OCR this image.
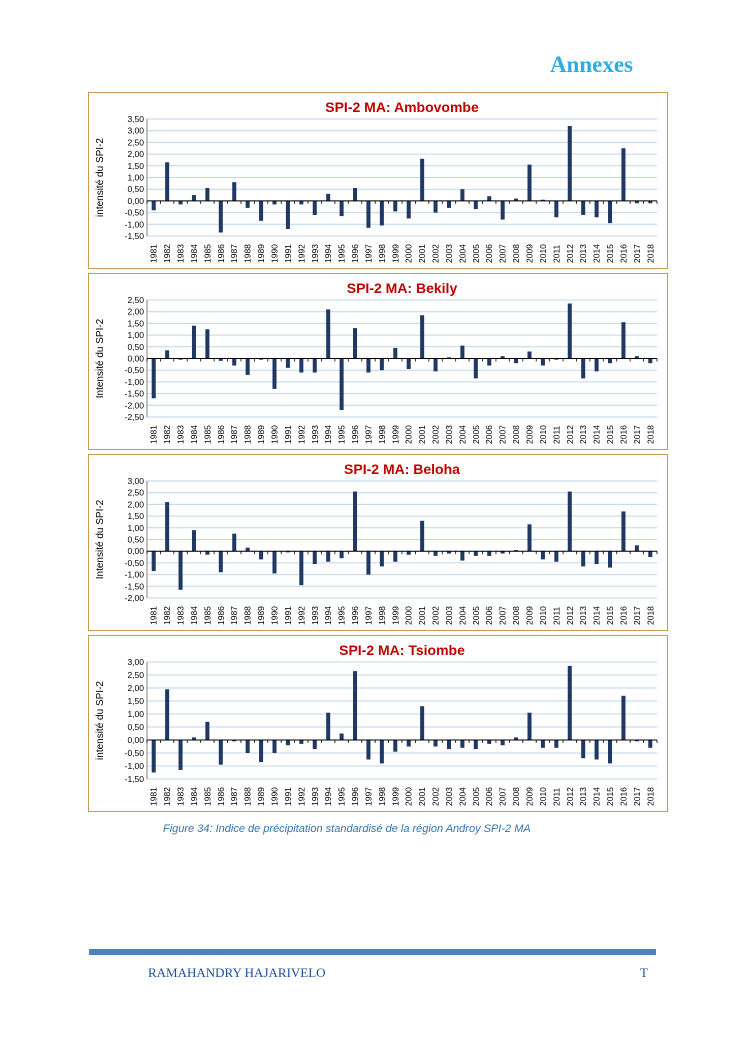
Annexes
SPI-2 MA: Ambovombe
-1,50
-1,00
-0,50
0,00
0,50
1,00
1,50
2,00
2,50
3,00
3,50
intensité du SPI-2
1981 1982 1983 1984 1985 1986 1987 1988 1989 1990 1991 1992 1993 1994 1995 1996 1997 1998 1999 2000 2001 2002 2003 2004 2005 2006 2007 2008 2009 2010 2011 2012 2013 2014 2015 2016 2017 2018
SPI-2 MA: Bekily
-2,50
-2,00
-1,50
-1,00
-0,50
0,00
0,50
1,00
1,50
2,00
2,50
Intensité du SPI-2
1981 1982 1983 1984 1985 1986 1987 1988 1989 1990 1991 1992 1993 1994 1995 1996 1997 1998 1999 2000 2001 2002 2003 2004 2005 2006 2007 2008 2009 2010 2011 2012 2013 2014 2015 2016 2017 2018
SPI-2 MA: Beloha
-2,00
-1,50
-1,00
-0,50
0,00
0,50
1,00
1,50
2,00
2,50
3,00
Intensité du SPI-2
1981 1982 1983 1984 1985 1986 1987 1988 1989 1990 1991 1992 1993 1994 1995 1996 1997 1998 1999 2000 2001 2002 2003 2004 2005 2006 2007 2008 2009 2010 2011 2012 2013 2014 2015 2016 2017 2018
SPI-2 MA: Tsiombe
-1,50
-1,00
-0,50
0,00
0,50
1,00
1,50
2,00
2,50
3,00
intensité du SPI-2
1981 1982 1983 1984 1985 1986 1987 1988 1989 1990 1991 1992 1993 1994 1995 1996 1997 1998 1999 2000 2001 2002 2003 2004 2005 2006 2007 2008 2009 2010 2011 2012 2013 2014 2015 2016 2017 2018
Figure 34: Indice de précipitation standardisé de la région Androy SPI-2 MA
RAMAHANDRY HAJARIVELO	T
